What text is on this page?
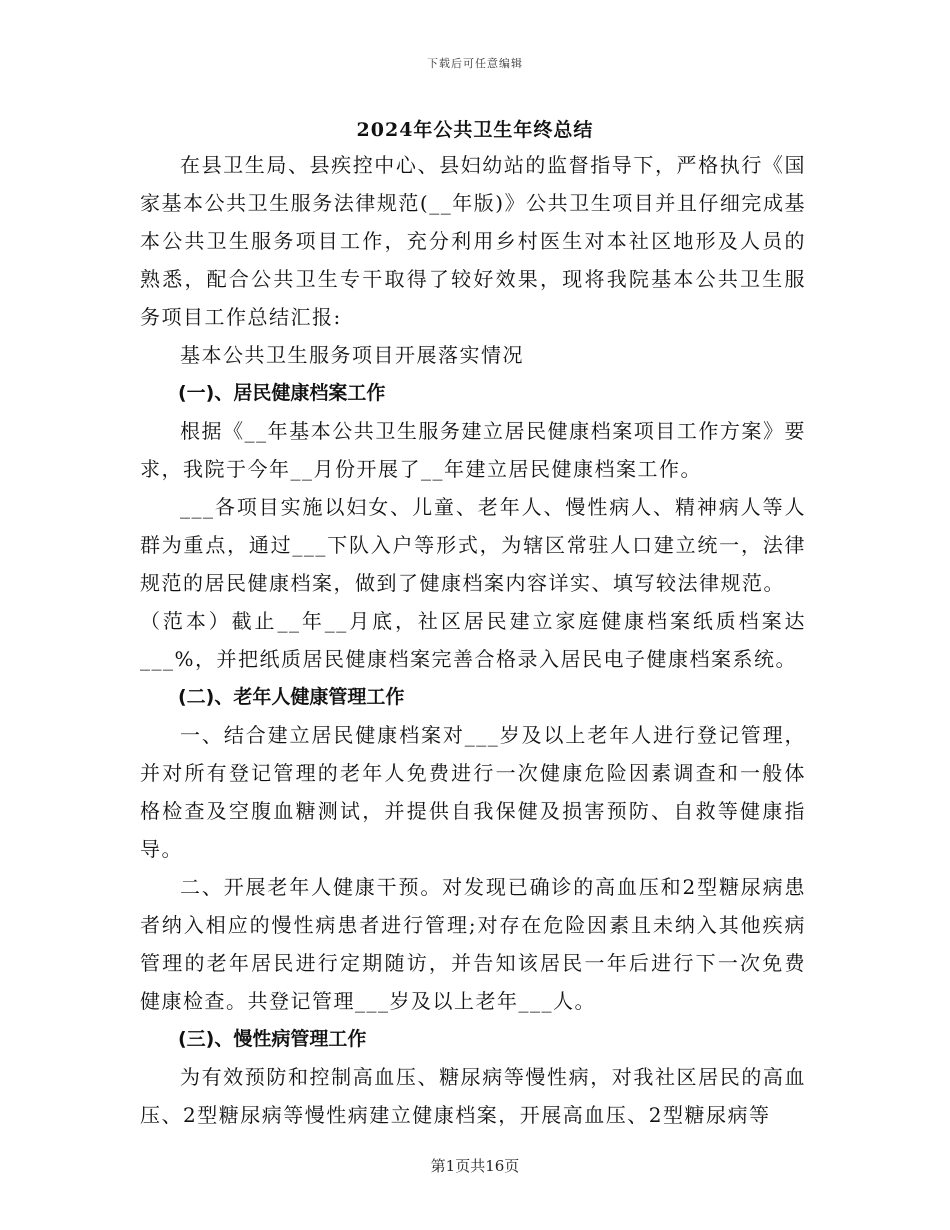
下载后可任意编辑
2024年公共卫生年终总结

在县卫生局、县疾控中心、县妇幼站的监督指导下，严格执行《国家基本公共卫生服务法律规范(__年版)》公共卫生项目并且仔细完成基本公共卫生服务项目工作，充分利用乡村医生对本社区地形及人员的熟悉，配合公共卫生专干取得了较好效果，现将我院基本公共卫生服务项目工作总结汇报:

基本公共卫生服务项目开展落实情况

(一)、居民健康档案工作

根据《__年基本公共卫生服务建立居民健康档案项目工作方案》要求，我院于今年__月份开展了__年建立居民健康档案工作。

___各项目实施以妇女、儿童、老年人、慢性病人、精神病人等人群为重点，通过___下队入户等形式，为辖区常驻人口建立统一，法律规范的居民健康档案，做到了健康档案内容详实、填写较法律规范。

（范本）截止__年__月底，社区居民建立家庭健康档案纸质档案达___%，并把纸质居民健康档案完善合格录入居民电子健康档案系统。

(二)、老年人健康管理工作

一、结合建立居民健康档案对___岁及以上老年人进行登记管理，并对所有登记管理的老年人免费进行一次健康危险因素调查和一般体格检查及空腹血糖测试，并提供自我保健及损害预防、自救等健康指导。

二、开展老年人健康干预。对发现已确诊的高血压和2型糖尿病患者纳入相应的慢性病患者进行管理;对存在危险因素且未纳入其他疾病管理的老年居民进行定期随访，并告知该居民一年后进行下一次免费健康检查。共登记管理___岁及以上老年___人。

(三)、慢性病管理工作

为有效预防和控制高血压、糖尿病等慢性病，对我社区居民的高血压、2型糖尿病等慢性病建立健康档案，开展高血压、2型糖尿病等

第1页共16页
